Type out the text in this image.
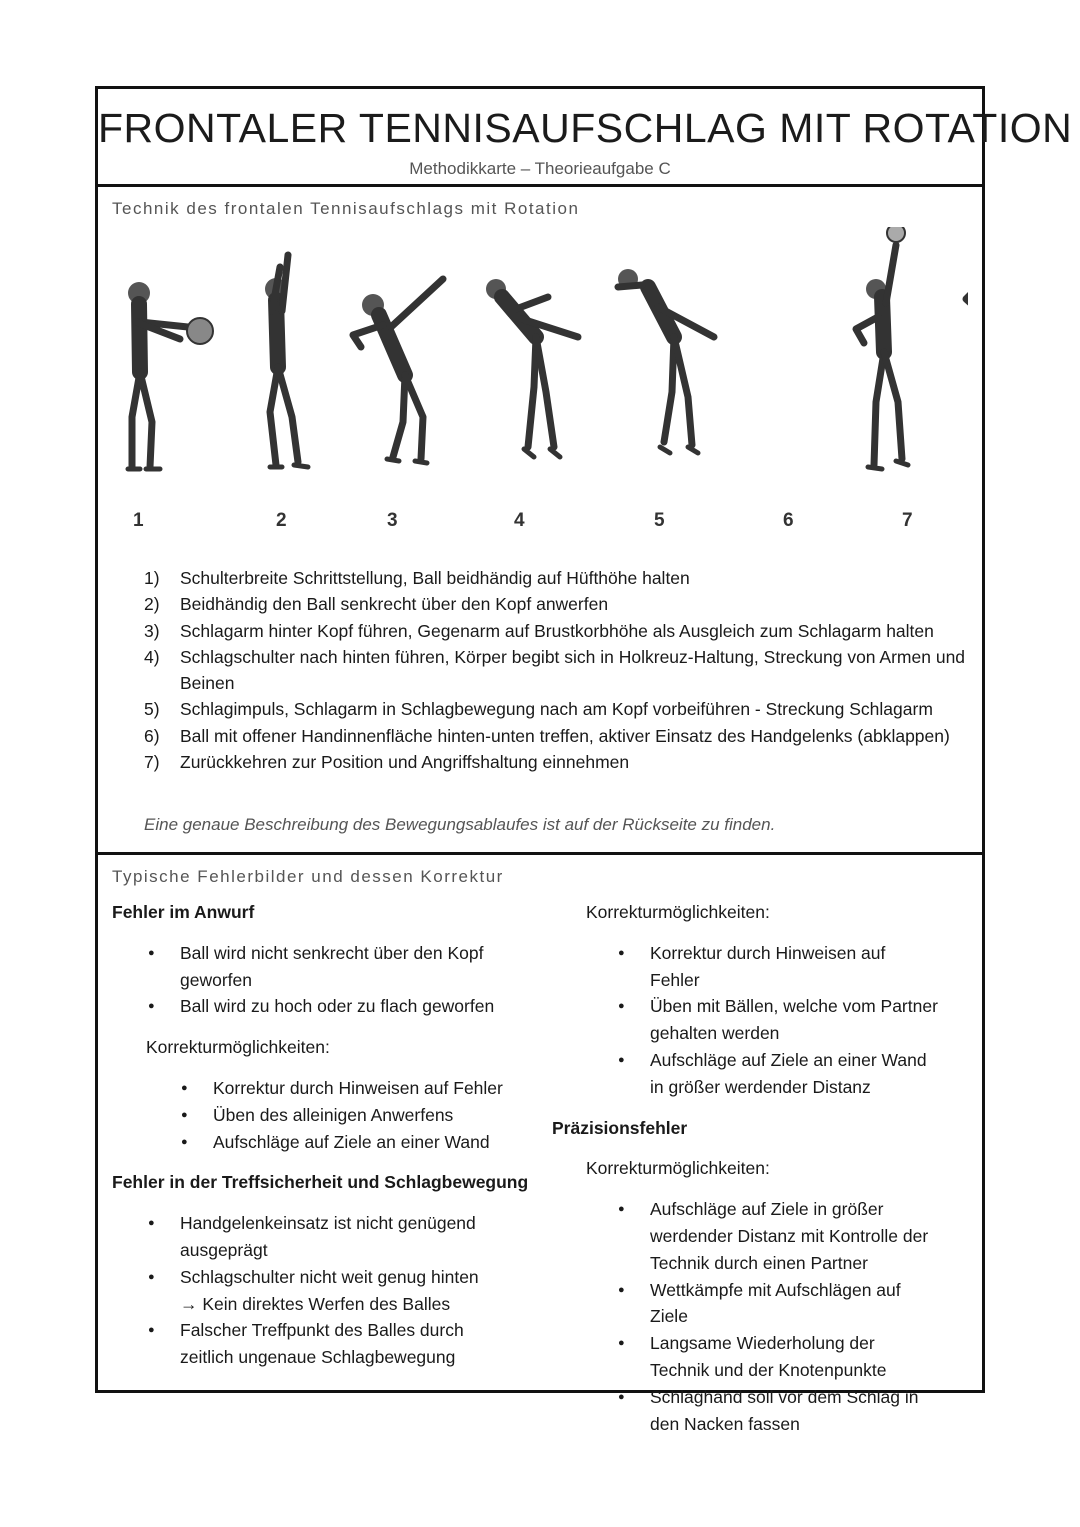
FRONTALER TENNISAUFSCHLAG MIT ROTATION
Methodikkarte – Theorieaufgabe C
Technik des frontalen Tennisaufschlags mit Rotation
1	2	3	4	5	6	7
1) Schulterbreite Schrittstellung, Ball beidhändig auf Hüfthöhe halten
2) Beidhändig den Ball senkrecht über den Kopf anwerfen
3) Schlagarm hinter Kopf führen, Gegenarm auf Brustkorbhöhe als Ausgleich zum Schlagarm halten
4) Schlagschulter nach hinten führen, Körper begibt sich in Holkreuz-Haltung, Streckung von Armen und Beinen
5) Schlagimpuls, Schlagarm in Schlagbewegung nach am Kopf vorbeiführen - Streckung Schlagarm
6) Ball mit offener Handinnenfläche hinten-unten treffen, aktiver Einsatz des Handgelenks (abklappen)
7) Zurückkehren zur Position und Angriffshaltung einnehmen
Eine genaue Beschreibung des Bewegungsablaufes ist auf der Rückseite zu finden.
Typische Fehlerbilder und dessen Korrektur
Fehler im Anwurf
● Ball wird nicht senkrecht über den Kopf geworfen
● Ball wird zu hoch oder zu flach geworfen
Korrekturmöglichkeiten:
● Korrektur durch Hinweisen auf Fehler
● Üben des alleinigen Anwerfens
● Aufschläge auf Ziele an einer Wand
Fehler in der Treffsicherheit und Schlagbewegung
● Handgelenkeinsatz ist nicht genügend ausgeprägt
● Schlagschulter nicht weit genug hinten
→ Kein direktes Werfen des Balles
● Falscher Treffpunkt des Balles durch zeitlich ungenaue Schlagbewegung
Korrekturmöglichkeiten:
● Korrektur durch Hinweisen auf Fehler
● Üben mit Bällen, welche vom Partner gehalten werden
● Aufschläge auf Ziele an einer Wand in größer werdender Distanz
Präzisionsfehler
Korrekturmöglichkeiten:
● Aufschläge auf Ziele in größer werdender Distanz mit Kontrolle der Technik durch einen Partner
● Wettkämpfe mit Aufschlägen auf Ziele
● Langsame Wiederholung der Technik und der Knotenpunkte
● Schlaghand soll vor dem Schlag in den Nacken fassen
